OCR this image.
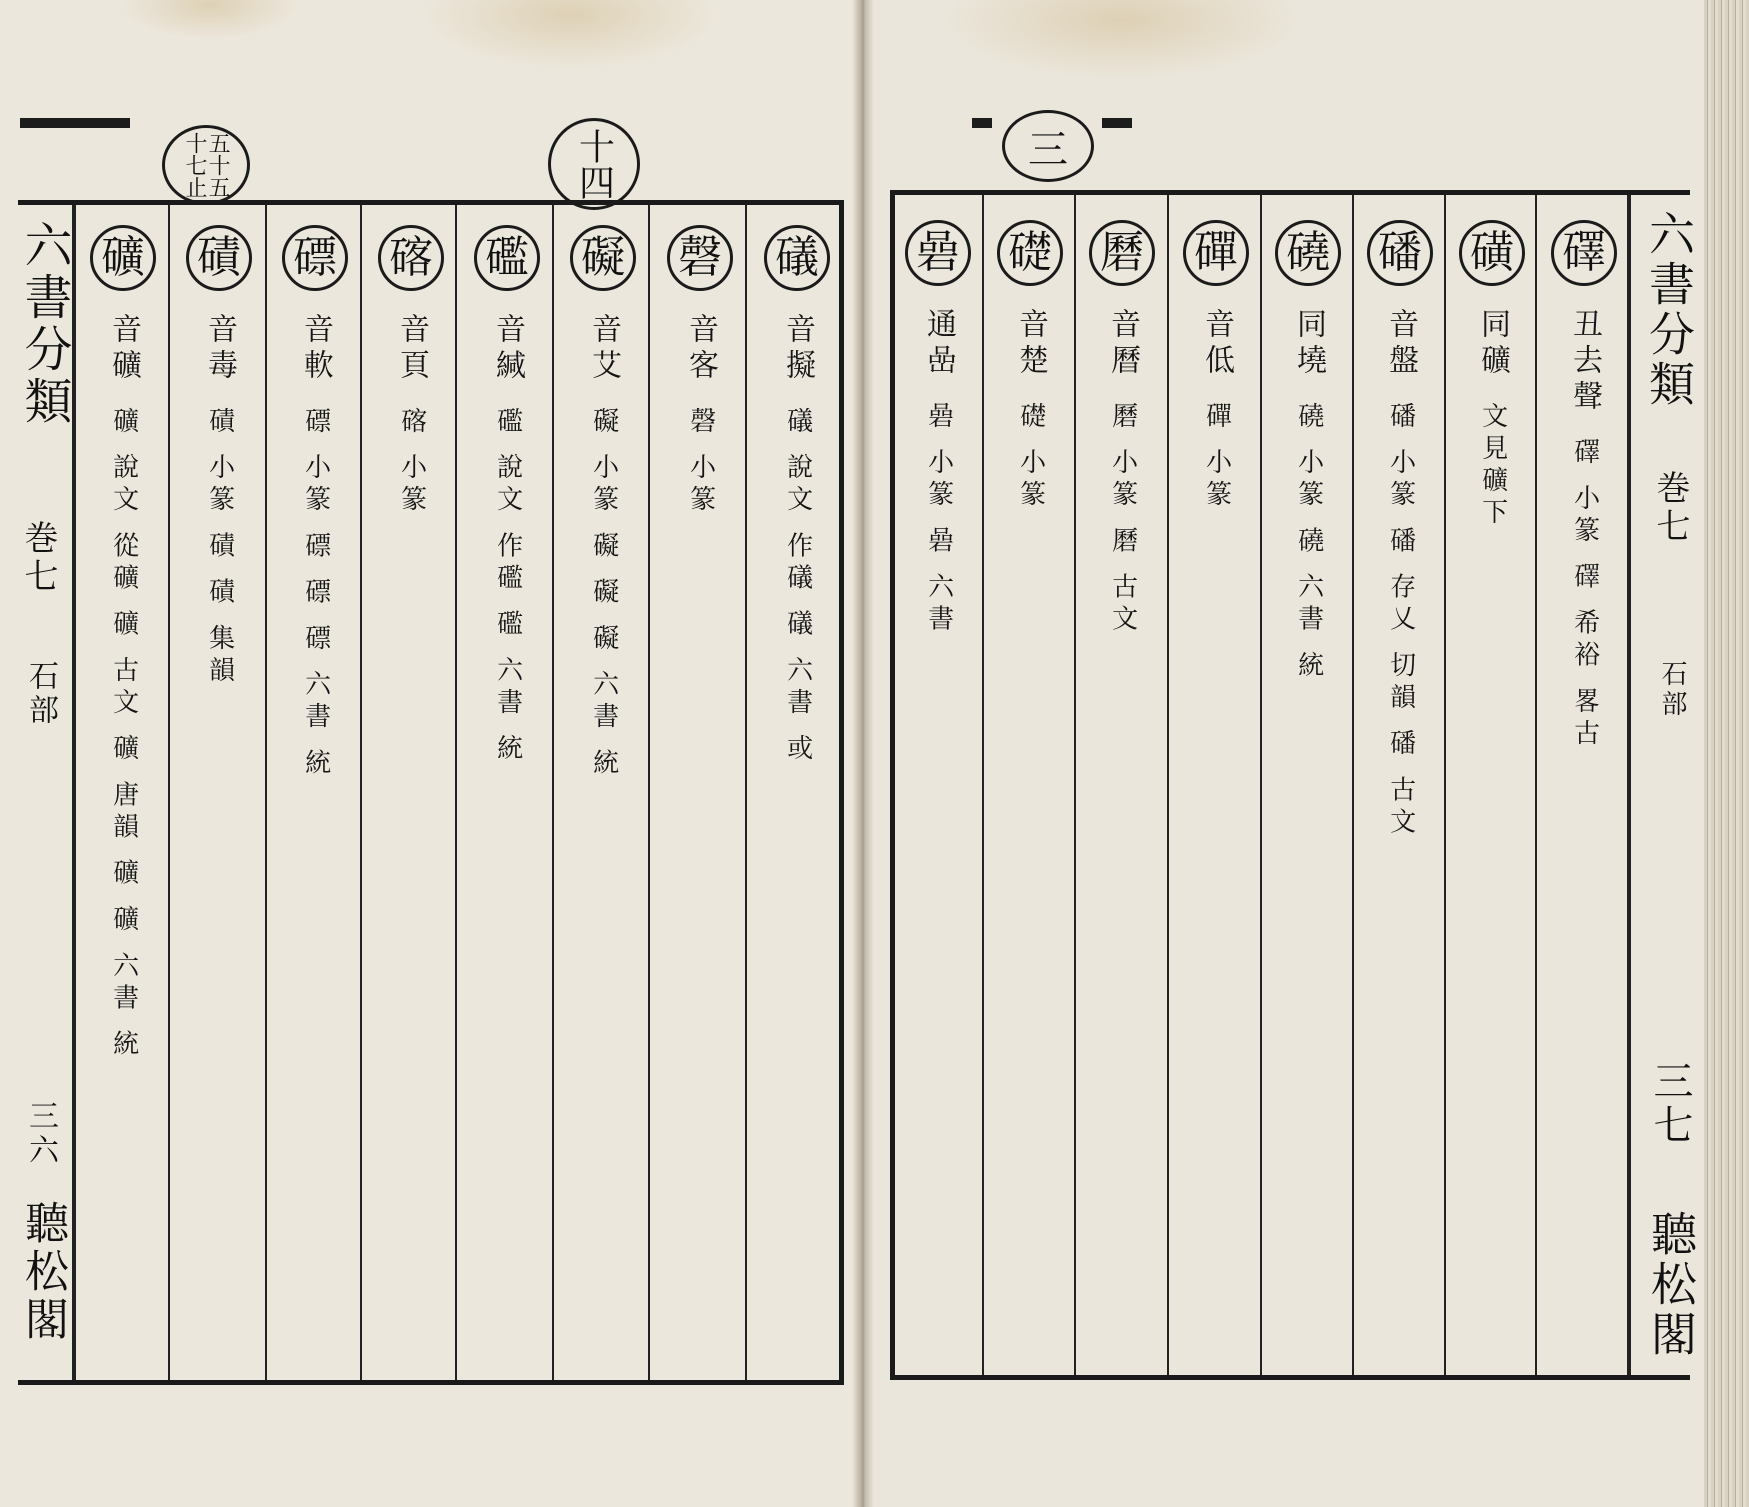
五十五十七止	十四
六書分類
巻七
石部
三六
聽松閣
礒
音擬
礒 說文 作礒 礒 六書 或
磬
音客
磬 小篆
礙
音艾
礙 小篆 礙 礙 礙 六書 統
礛
音緘
礛 說文 作礛 礛 六書 統
碦
音頁
碦 小篆
磦
音軟
磦 小篆 磦 磦 磦 六書 統
磧
音毒
磧 小篆 磧 磧 集韻
礦
音礦
礦 說文 從礦 礦 古文 礦 唐韻 礦 礦 六書 統
三
礋
丑去聲
礋 小篆 礋 希裕 畧古
磺
同礦
文見礦下
磻
音盤
磻 小篆 磻 存乂 切韻 磻 古文
磽
同墝
磽 小篆 磽 六書 統
磾
音低
磾 小篆
磿
音曆
磿 小篆 磿 古文
礎
音楚
礎 小篆
碞
通嵒
碞 小篆 碞 六書
六書分類
巻七
石部
三七
聽松閣
